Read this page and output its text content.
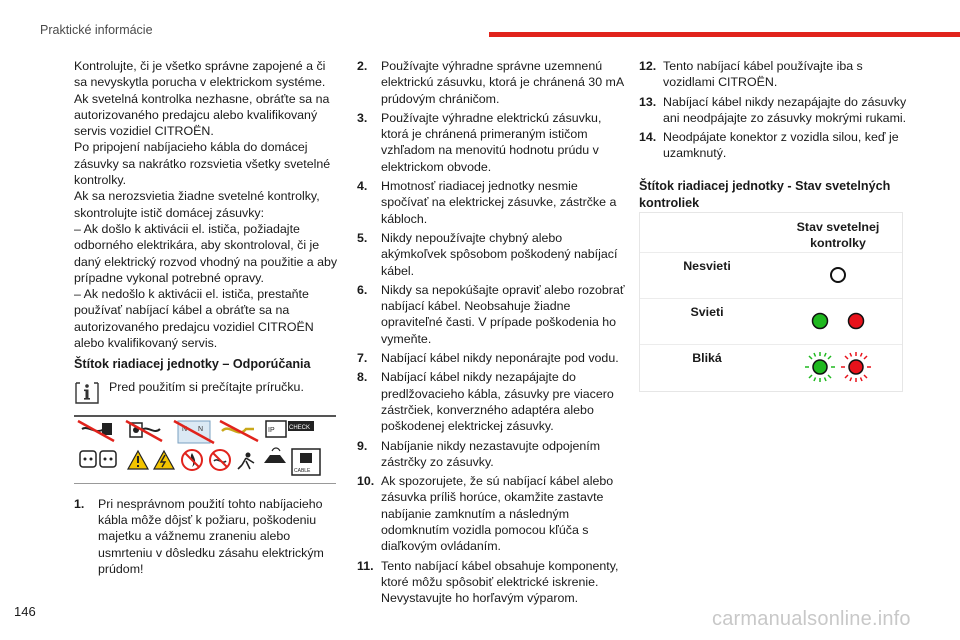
Praktické informácie

Kontrolujte, či je všetko správne zapojené a či sa nevyskytla porucha v elektrickom systéme.

Ak svetelná kontrolka nezhasne, obráťte sa na autorizovaného predajcu alebo kvalifikovaný servis vozidiel CITROËN.

Po pripojení nabíjacieho kábla do domácej zásuvky sa nakrátko rozsvietia všetky svetelné kontrolky.

Ak sa nerozsvietia žiadne svetelné kontrolky, skontrolujte istič domácej zásuvky:

– Ak došlo k aktivácii el. ističa, požiadajte odborného elektrikára, aby skontroloval, či je daný elektrický rozvod vhodný na použitie a aby prípadne vykonal potrebné opravy.

– Ak nedošlo k aktivácii el. ističa, prestaňte používať nabíjací kábel a obráťte sa na autorizovaného predajcu vozidiel CITROËN alebo kvalifikovaný servis.

Štítok riadiacej jednotky – Odporúčania

Pred použitím si prečítajte príručku.
N N	IP CHECK
CABLE
1. Pri nesprávnom použití tohto nabíjacieho kábla môže dôjsť k požiaru, poškodeniu majetku a vážnemu zraneniu alebo usmrteniu v dôsledku zásahu elektrickým prúdom!
2. Používajte výhradne správne uzemnenú elektrickú zásuvku, ktorá je chránená 30 mA prúdovým chráničom.
3. Používajte výhradne elektrickú zásuvku, ktorá je chránená primeraným ističom vzhľadom na menovitú hodnotu prúdu v elektrickom obvode.
4. Hmotnosť riadiacej jednotky nesmie spočívať na elektrickej zásuvke, zástrčke a kábloch.
5. Nikdy nepoužívajte chybný alebo akýmkoľvek spôsobom poškodený nabíjací kábel.
6. Nikdy sa nepokúšajte opraviť alebo rozobrať nabíjací kábel. Neobsahuje žiadne opraviteľné časti. V prípade poškodenia ho vymeňte.
7. Nabíjací kábel nikdy neponárajte pod vodu.
8. Nabíjací kábel nikdy nezapájajte do predlžovacieho kábla, zásuvky pre viacero zástrčiek, konverzného adaptéra alebo poškodenej elektrickej zásuvky.
9. Nabíjanie nikdy nezastavujte odpojením zástrčky zo zásuvky.
10. Ak spozorujete, že sú nabíjací kábel alebo zásuvka príliš horúce, okamžite zastavte nabíjanie zamknutím a následným odomknutím vozidla pomocou kľúča s diaľkovým ovládaním.
11. Tento nabíjací kábel obsahuje komponenty, ktoré môžu spôsobiť elektrické iskrenie. Nevystavujte ho horľavým výparom.
12. Tento nabíjací kábel používajte iba s vozidlami CITROËN.
13. Nabíjací kábel nikdy nezapájajte do zásuvky ani neodpájajte zo zásuvky mokrými rukami.
14. Neodpájate konektor z vozidla silou, keď je uzamknutý.

Štítok riadiacej jednotky - Stav svetelných kontroliek

Stav svetelnej kontrolky
Nesvieti
Svieti
Bliká
146	carmanualsonline.info
